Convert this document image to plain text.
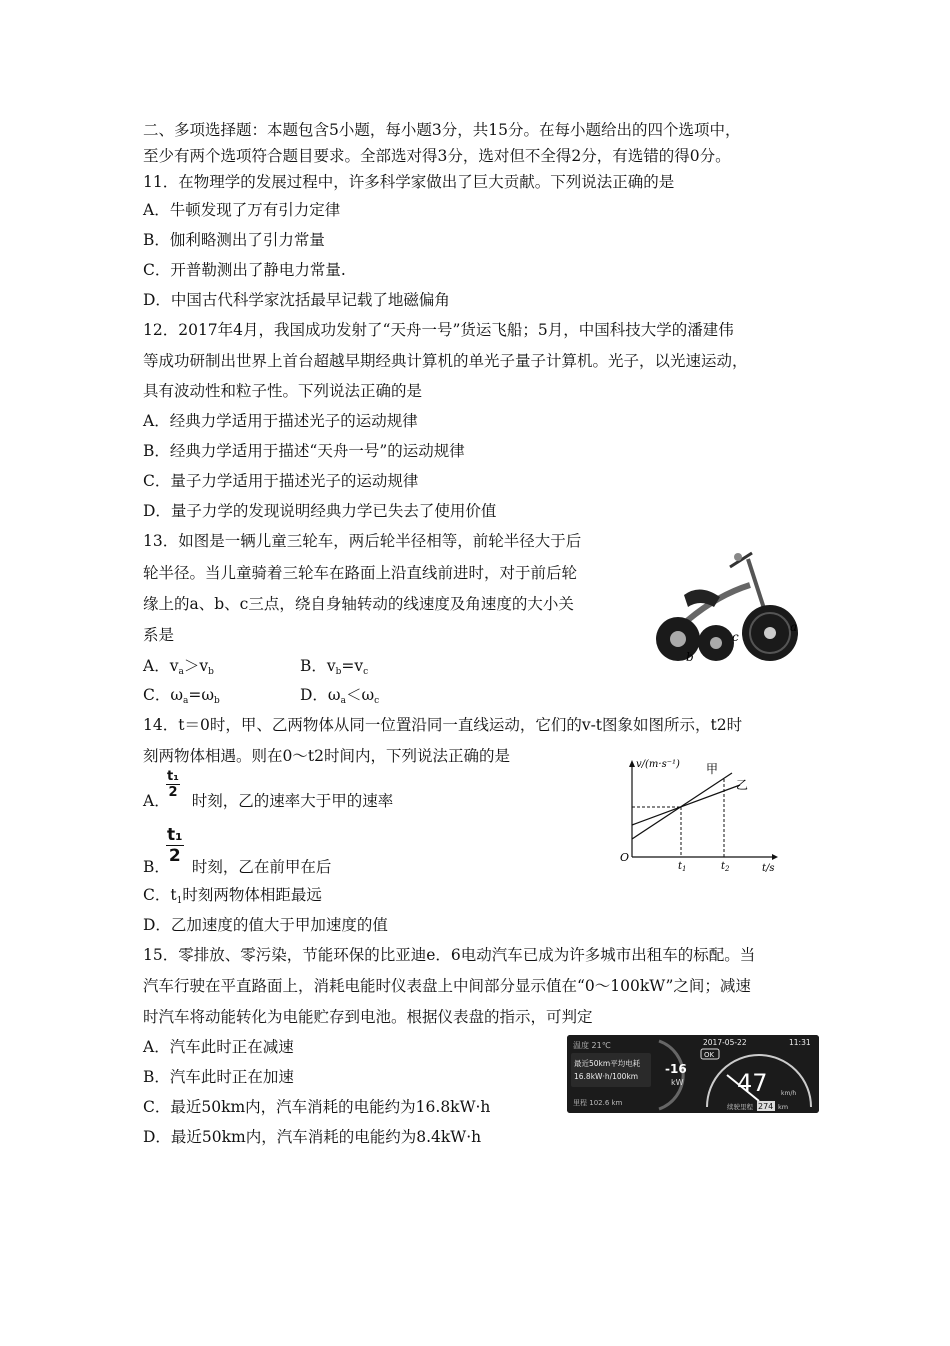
二、多项选择题：本题包含5小题，每小题3分，共15分。在每小题给出的四个选项中，
至少有两个选项符合题目要求。全部选对得3分，选对但不全得2分，有选错的得0分。
11．在物理学的发展过程中，许多科学家做出了巨大贡献。下列说法正确的是
A．牛顿发现了万有引力定律
B．伽利略测出了引力常量
C．开普勒测出了静电力常量.
D．中国古代科学家沈括最早记载了地磁偏角
12．2017年4月，我国成功发射了“天舟一号”货运飞船；5月，中国科技大学的潘建伟
等成功研制出世界上首台超越早期经典计算机的单光子量子计算机。光子，以光速运动，
具有波动性和粒子性。下列说法正确的是
A．经典力学适用于描述光子的运动规律
B．经典力学适用于描述“天舟一号”的运动规律
C．量子力学适用于描述光子的运动规律
D．量子力学的发现说明经典力学已失去了使用价值
13．如图是一辆儿童三轮车，两后轮半径相等，前轮半径大于后
轮半径。当儿童骑着三轮车在路面上沿直线前进时，对于前后轮
缘上的a、b、c三点，绕自身轴转动的线速度及角速度的大小关
系是
A．$v_a>v_b$	B．$v_b=v_c$
C．$\omega_a=\omega_b$	D．$\omega_a<\omega_c$
a
b
c
14．t＝0时，甲、乙两物体从同一位置沿同一直线运动，它们的v-t图象如图所示，t2时
刻两物体相遇。则在0～t2时间内，下列说法正确的是
$\frac{\text{t₁}}{2}$
A． 时刻，乙的速率大于甲的速率
$\frac{\text{t₁}}{2}$
B． 时刻，乙在前甲在后
C．$t_1$时刻两物体相距最远
D．乙加速度的值大于甲加速度的值
v/(m·s⁻¹)
t/s
O
$t_1$	$t_2$
甲
乙
15．零排放、零污染，节能环保的比亚迪e．6电动汽车已成为许多城市出租车的标配。当
汽车行驶在平直路面上，消耗电能时仪表盘上中间部分显示值在“0～100kW”之间；减速
时汽车将动能转化为电能贮存到电池。根据仪表盘的指示，可判定
A．汽车此时正在减速
B．汽车此时正在加速
C．最近50km内，汽车消耗的电能约为16.8kW·h
D．最近50km内，汽车消耗的电能约为8.4kW·h
温度 21℃
最近50km平均电耗
16.8kW·h/100km
里程 102.6 km
-16
kW
2017-05-22	11:31
OK
47 km/h
续驶里程 274 km
